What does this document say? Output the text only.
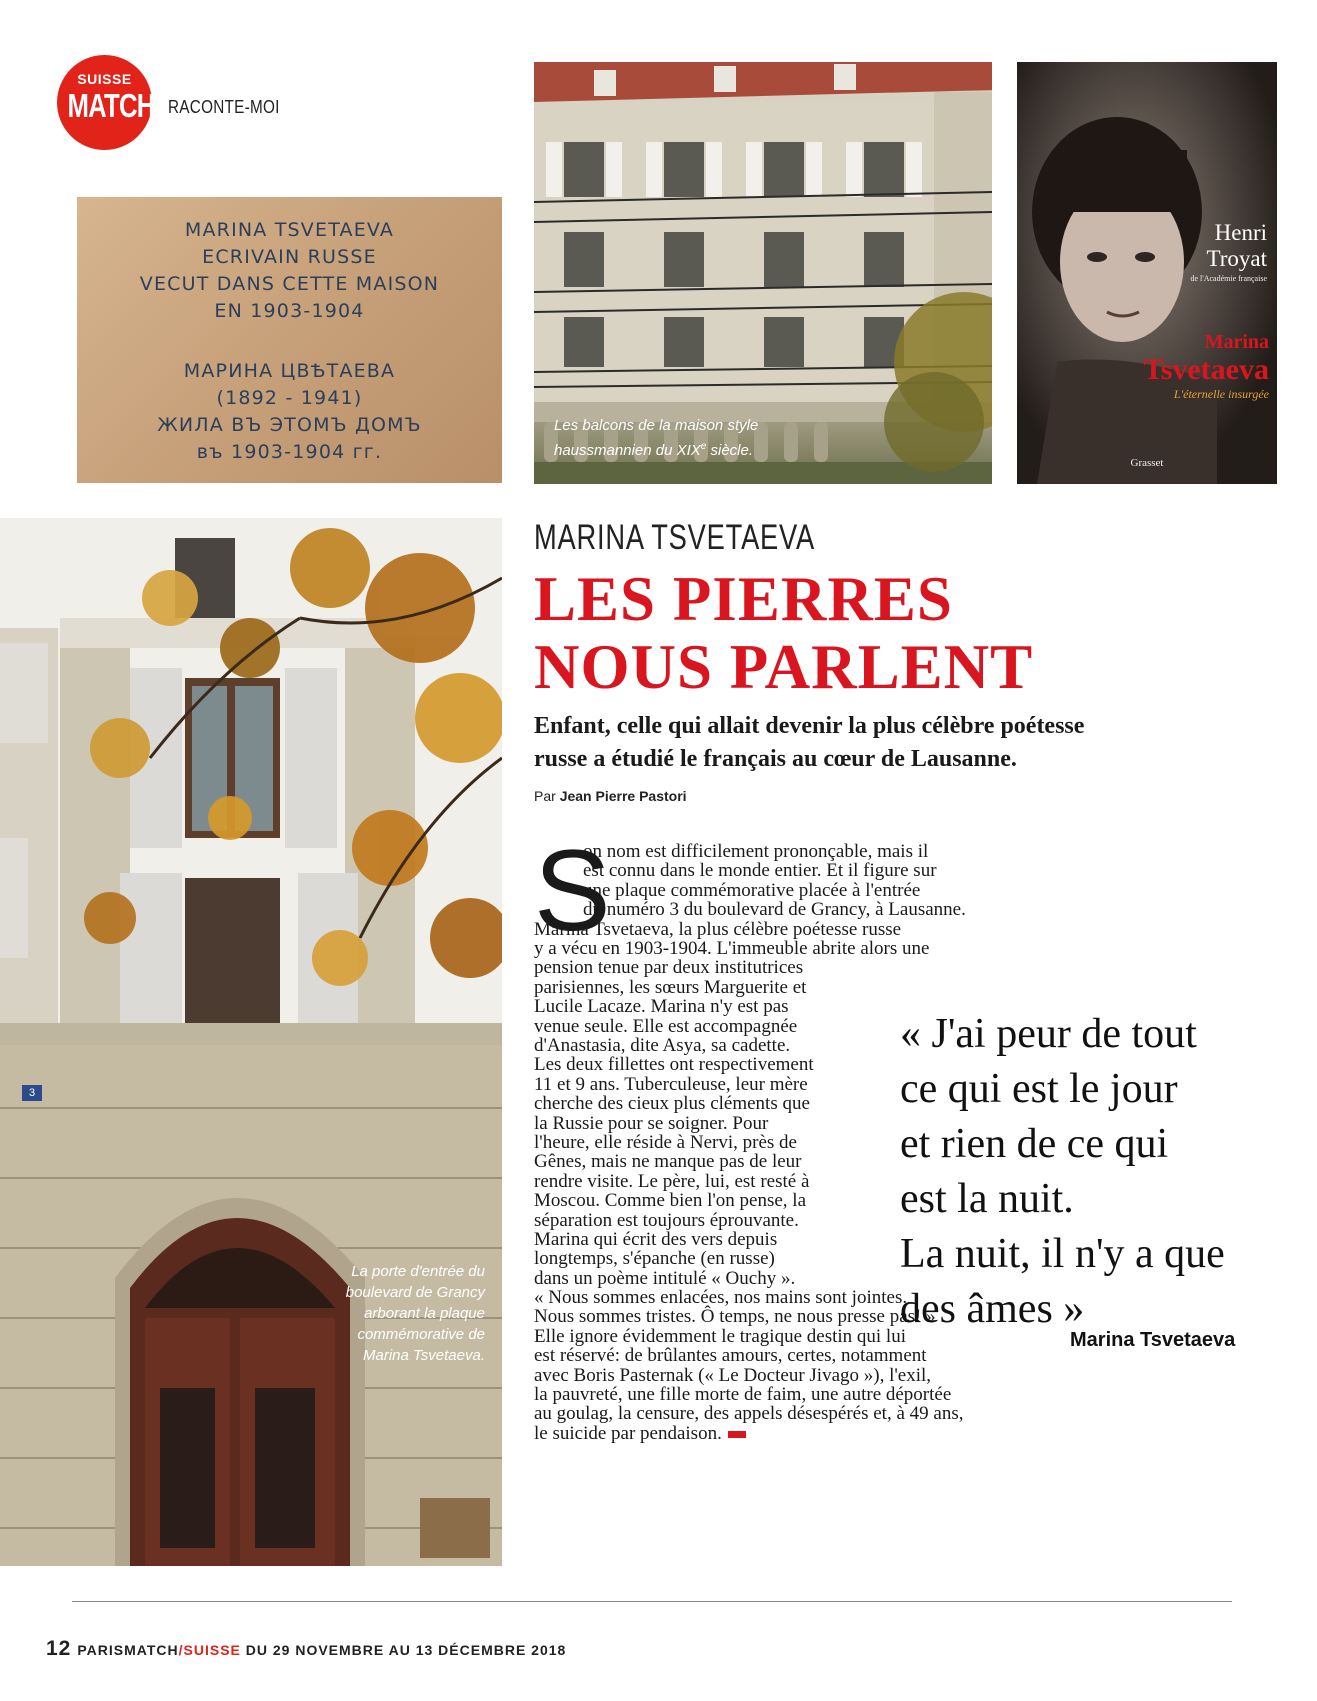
SUISSE
MATCH RACONTE-MOI
MARINA TSVETAEVA
ECRIVAIN RUSSE
VECUT DANS CETTE MAISON
EN 1903-1904
МАРИНА ЦВѢТАЕВА
(1892 - 1941)
ЖИЛА ВЪ ЭТОМЪ ДОМЪ
въ 1903-1904 гг.
Les balcons de la maison style
haussmannien du XIXe siècle.
Henri
Troyat
de l'Académie française
Marina
Tsvetaeva
L'éternelle insurgée
Grasset
3
La porte d'entrée du
boulevard de Grancy
arborant la plaque
commémorative de
Marina Tsvetaeva.
MARINA TSVETAEVA
LES PIERRES
NOUS PARLENT
Enfant, celle qui allait devenir la plus célèbre poétesse
russe a étudié le français au cœur de Lausanne.
Par Jean Pierre Pastori
S
on nom est difficilement prononçable, mais il
est connu dans le monde entier. Et il figure sur
une plaque commémorative placée à l'entrée
du numéro 3 du boulevard de Grancy, à Lausanne.
Marina Tsvetaeva, la plus célèbre poétesse russe
y a vécu en 1903-1904. L'immeuble abrite alors une
pension tenue par deux institutrices
parisiennes, les sœurs Marguerite et
Lucile Lacaze. Marina n'y est pas
venue seule. Elle est accompagnée
d'Anastasia, dite Asya, sa cadette.
Les deux fillettes ont respectivement
11 et 9 ans. Tuberculeuse, leur mère
cherche des cieux plus cléments que
la Russie pour se soigner. Pour
l'heure, elle réside à Nervi, près de
Gênes, mais ne manque pas de leur
rendre visite. Le père, lui, est resté à
Moscou. Comme bien l'on pense, la
séparation est toujours éprouvante.
Marina qui écrit des vers depuis
longtemps, s'épanche (en russe)
dans un poème intitulé « Ouchy ».
« Nous sommes enlacées, nos mains sont jointes.
Nous sommes tristes. Ô temps, ne nous presse pas! »
Elle ignore évidemment le tragique destin qui lui
est réservé: de brûlantes amours, certes, notamment
avec Boris Pasternak (« Le Docteur Jivago »), l'exil,
la pauvreté, une fille morte de faim, une autre déportée
au goulag, la censure, des appels désespérés et, à 49 ans,
le suicide par pendaison.
« J'ai peur de tout
ce qui est le jour
et rien de ce qui
est la nuit.
La nuit, il n'y a que
des âmes »
Marina Tsvetaeva
12 PARISMATCH/SUISSE DU 29 NOVEMBRE AU 13 DÉCEMBRE 2018
